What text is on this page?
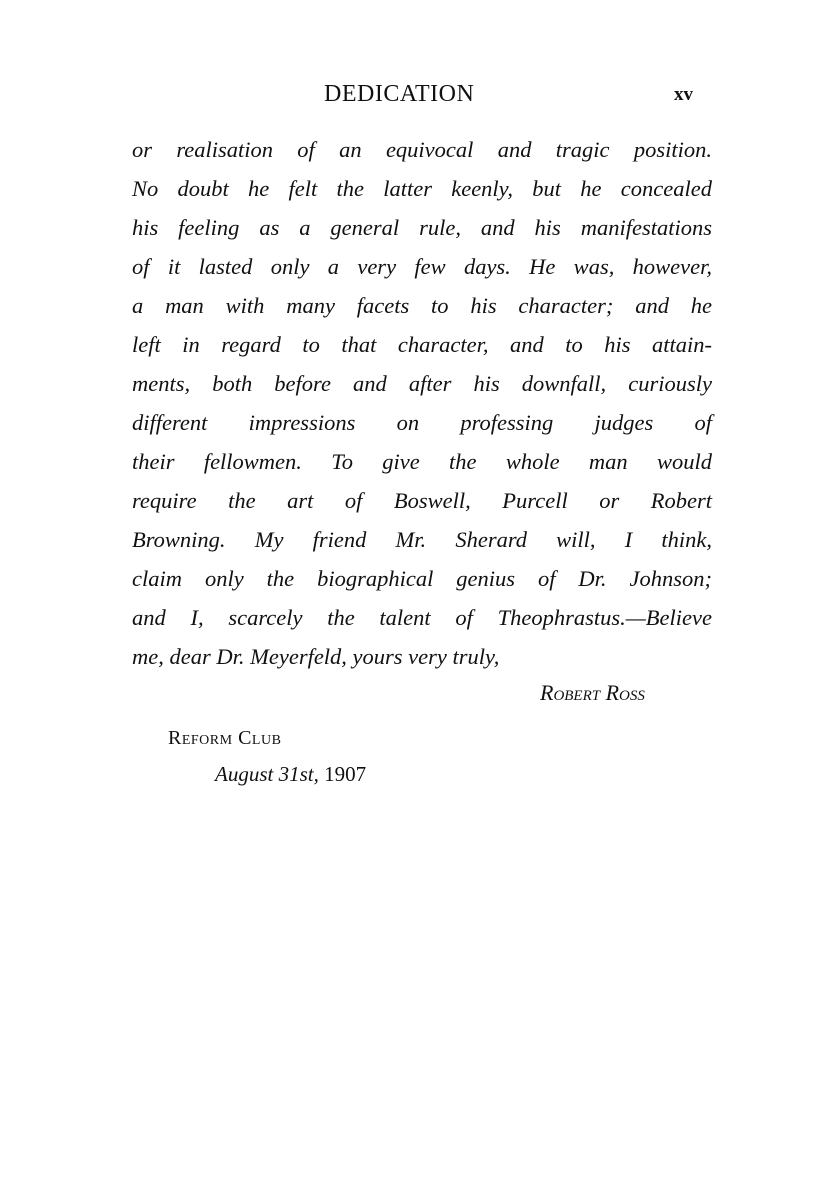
DEDICATION	xv
or realisation of an equivocal and tragic position.
No doubt he felt the latter keenly, but he concealed
his feeling as a general rule, and his manifestations
of it lasted only a very few days. He was, however,
a man with many facets to his character; and he
left in regard to that character, and to his attain-
ments, both before and after his downfall, curiously
different impressions on professing judges of
their fellowmen. To give the whole man would
require the art of Boswell, Purcell or Robert
Browning. My friend Mr. Sherard will, I think,
claim only the biographical genius of Dr. Johnson;
and I, scarcely the talent of Theophrastus.—Believe
me, dear Dr. Meyerfeld, yours very truly,
Robert Ross
Reform Club
August 31st, 1907
